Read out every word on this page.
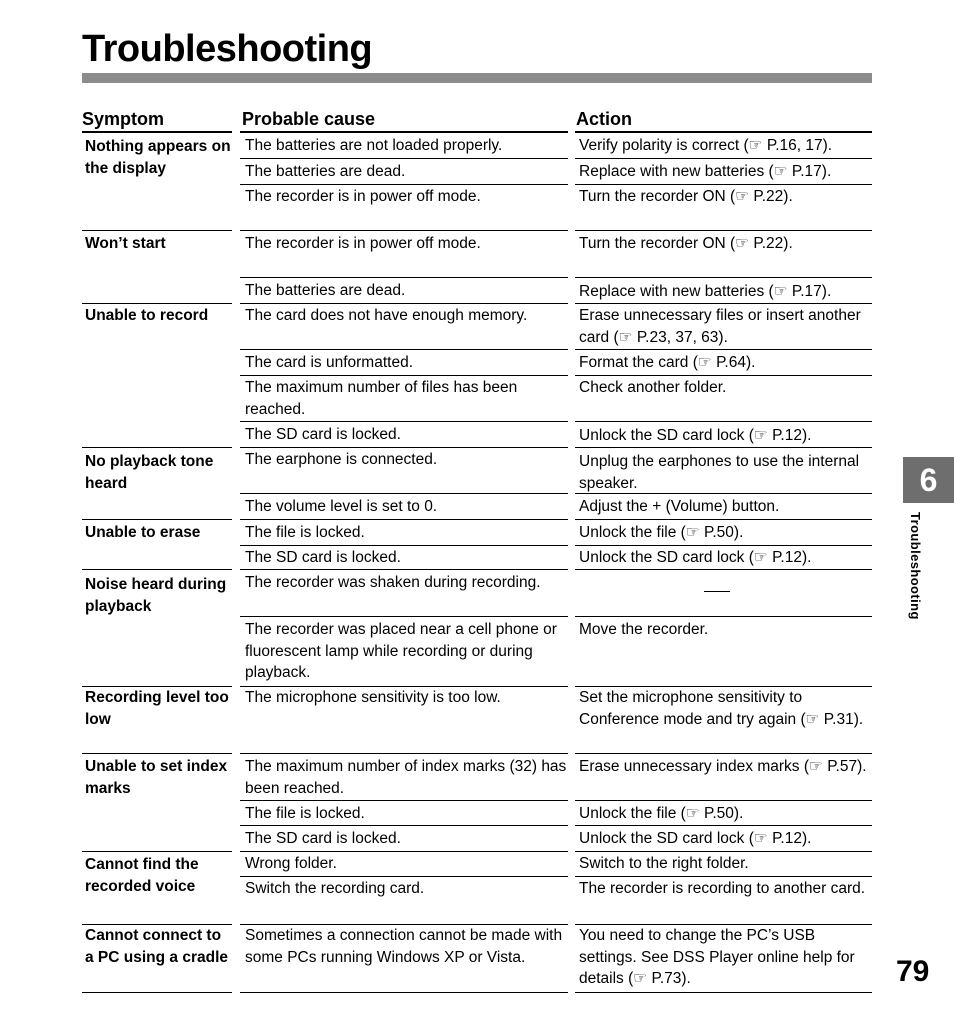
Troubleshooting
Symptom	Probable cause	Action
Nothing appears on the display
Won’t start
Unable to record
No playback tone heard
Unable to erase
Noise heard during playback
Recording level too low
Unable to set index marks
Cannot find the recorded voice
Cannot connect to a PC using a cradle
The batteries are not loaded properly.
The batteries are dead.
The recorder is in power off mode.
The recorder is in power off mode.
The batteries are dead.
The card does not have enough memory.
The card is unformatted.
The maximum number of files has been reached.
The SD card is locked.
The earphone is connected.
The volume level is set to 0.
The file is locked.
The SD card is locked.
The recorder was shaken during recording.
The recorder was placed near a cell phone or fluorescent lamp while recording or during playback.
The microphone sensitivity is too low.
The maximum number of index marks (32) has been reached.
The file is locked.
The SD card is locked.
Wrong folder.
Switch the recording card.
Sometimes a connection cannot be made with some PCs running Windows XP or Vista.
Verify polarity is correct (☞ P.16, 17).
Replace with new batteries (☞ P.17).
Turn the recorder ON (☞ P.22).
Turn the recorder ON (☞ P.22).
Replace with new batteries (☞ P.17).
Erase unnecessary files or insert another card (☞ P.23, 37, 63).
Format the card (☞ P.64).
Check another folder.
Unlock the SD card lock (☞ P.12).
Unplug the earphones to use the internal speaker.
Adjust the + (Volume) button.
Unlock the file (☞ P.50).
Unlock the SD card lock (☞ P.12).
Move the recorder.
Set the microphone sensitivity to Conference mode and try again (☞ P.31).
Erase unnecessary index marks (☞ P.57).
Unlock the file (☞ P.50).
Unlock the SD card lock (☞ P.12).
Switch to the right folder.
The recorder is recording to another card.
You need to change the PC’s USB settings. See DSS Player online help for details (☞ P.73).
6
Troubleshooting
79
